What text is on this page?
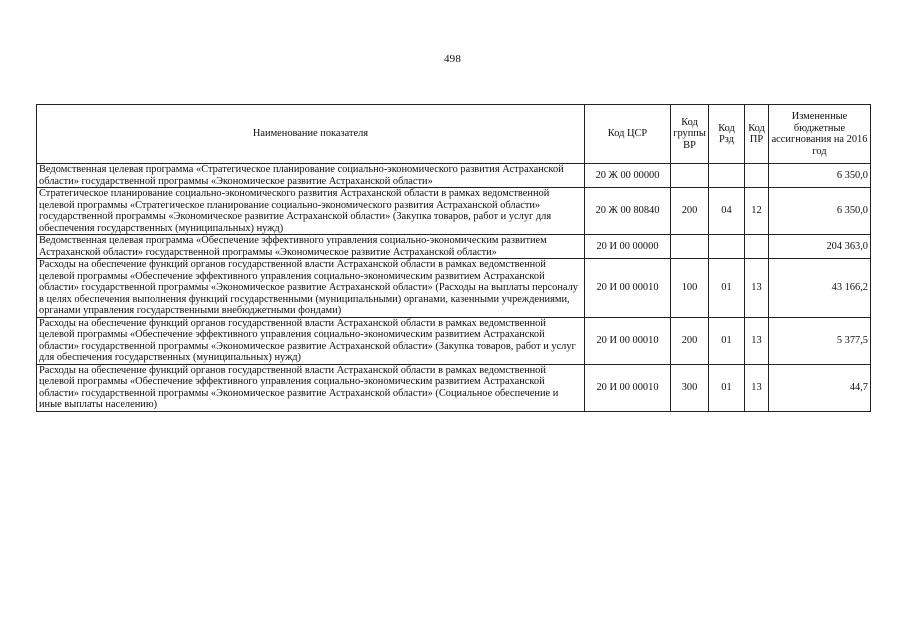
498
Наименование показателя	Код ЦСР	Код группы ВР	Код Рзд	Код ПР	Измененные бюджетные ассигнования на 2016 год
Ведомственная целевая программа «Стратегическое планирование социально-экономического развития Астраханской области» государственной программы «Экономическое развитие Астраханской области»	20 Ж 00 00000				6 350,0
Стратегическое планирование социально-экономического развития Астраханской области в рамках ведомственной целевой программы «Стратегическое планирование социально-экономического развития Астраханской области» государственной программы «Экономическое развитие Астраханской области» (Закупка товаров, работ и услуг для обеспечения государственных (муниципальных) нужд)	20 Ж 00 80840	200	04	12	6 350,0
Ведомственная целевая программа «Обеспечение эффективного управления социально-экономическим развитием Астраханской области» государственной программы «Экономическое развитие Астраханской области»	20 И 00 00000				204 363,0
Расходы на обеспечение функций органов государственной власти Астраханской области в рамках ведомственной целевой программы «Обеспечение эффективного управления социально-экономическим развитием Астраханской области» государственной программы «Экономическое развитие Астраханской области» (Расходы на выплаты персоналу в целях обеспечения выполнения функций государственными (муниципальными) органами, казенными учреждениями, органами управления государственными внебюджетными фондами)	20 И 00 00010	100	01	13	43 166,2
Расходы на обеспечение функций органов государственной власти Астраханской области в рамках ведомственной целевой программы «Обеспечение эффективного управления социально-экономическим развитием Астраханской области» государственной программы «Экономическое развитие Астраханской области» (Закупка товаров, работ и услуг для обеспечения государственных (муниципальных) нужд)	20 И 00 00010	200	01	13	5 377,5
Расходы на обеспечение функций органов государственной власти Астраханской области в рамках ведомственной целевой программы «Обеспечение эффективного управления социально-экономическим развитием Астраханской области» государственной программы «Экономическое развитие Астраханской области» (Социальное обеспечение и иные выплаты населению)	20 И 00 00010	300	01	13	44,7
